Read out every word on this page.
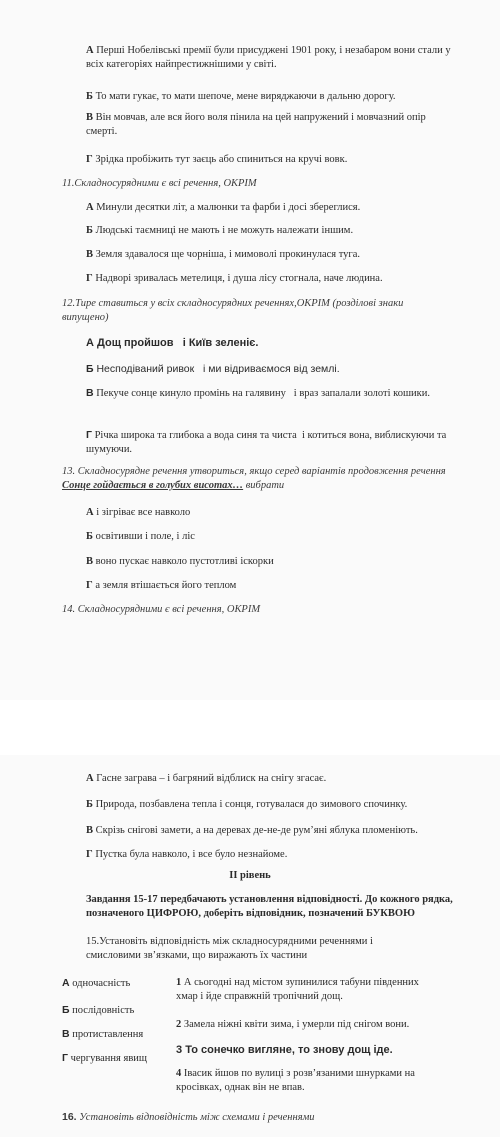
А Перші Нобелівські премії були присуджені 1901 року, і незабаром вони стали у всіх категоріях найпрестижнішими у світі.
Б То мати гукає, то мати шепоче, мене виряджаючи в дальню дорогу.
В Він мовчав, але вся його воля пінила на цей напружений і мовчазний опір смерті.
Г Зрідка пробіжить тут заєць або спиниться на кручі вовк.
11.Складносурядними є всі речення, ОКРІМ
А Минули десятки літ, а малюнки та фарби і досі збереглися.
Б Людські таємниці не мають і не можуть належати іншим.
В Земля здавалося ще чорніша, і мимоволі прокинулася туга.
Г Надворі зривалась метелиця, і душа лісу стогнала, наче людина.
12.Тире ставиться у всіх складносурядних реченнях,ОКРІМ (розділові знаки випущено)
А Дощ пройшов   і Київ зеленіє.
Б Несподіваний ривок   і ми відриваємося від землі.
В Пекуче сонце кинуло промінь на галявину   і враз запалали золоті кошики.
Г Річка широка та глибока а вода синя та чиста  і котиться вона, виблискуючи та шумуючи.
13. Складносурядне речення утвориться, якщо серед варіантів продовження речення Сонце гойдається в голубих висотах… вибрати
А і зігріває все навколо
Б освітивши і поле, і ліс
В воно пускає навколо пустотливі іскорки
Г а земля втішається його теплом
14. Складносурядними є всі речення, ОКРІМ
А Гасне заграва – і багряний відблиск на снігу згасає.
Б Природа, позбавлена тепла і сонця, готувалася до зимового спочинку.
В Скрізь снігові замети, а на деревах де-не-де рум’яні яблука пломеніють.
Г Пустка була навколо, і все було незнайоме.
II рівень
Завдання 15-17 передбачають установлення відповідності. До кожного рядка, позначеного ЦИФРОЮ, доберіть відповідник, позначений БУКВОЮ
15.Установіть відповідність між складносурядними реченнями і смисловими зв’язками, що виражають їх частини
А одночасність
Б послідовність
В протиставлення
Г чергування явищ
1 А сьогодні над містом зупинилися табуни південних хмар і йде справжній тропічний дощ.
2 Замела ніжні квіти зима, і умерли під снігом вони.
3 То сонечко вигляне, то знову дощ іде.
4 Івасик йшов по вулиці з розв’язаними шнурками на кросівках, однак він не впав.
16. Установіть відповідність між схемами і реченнями
